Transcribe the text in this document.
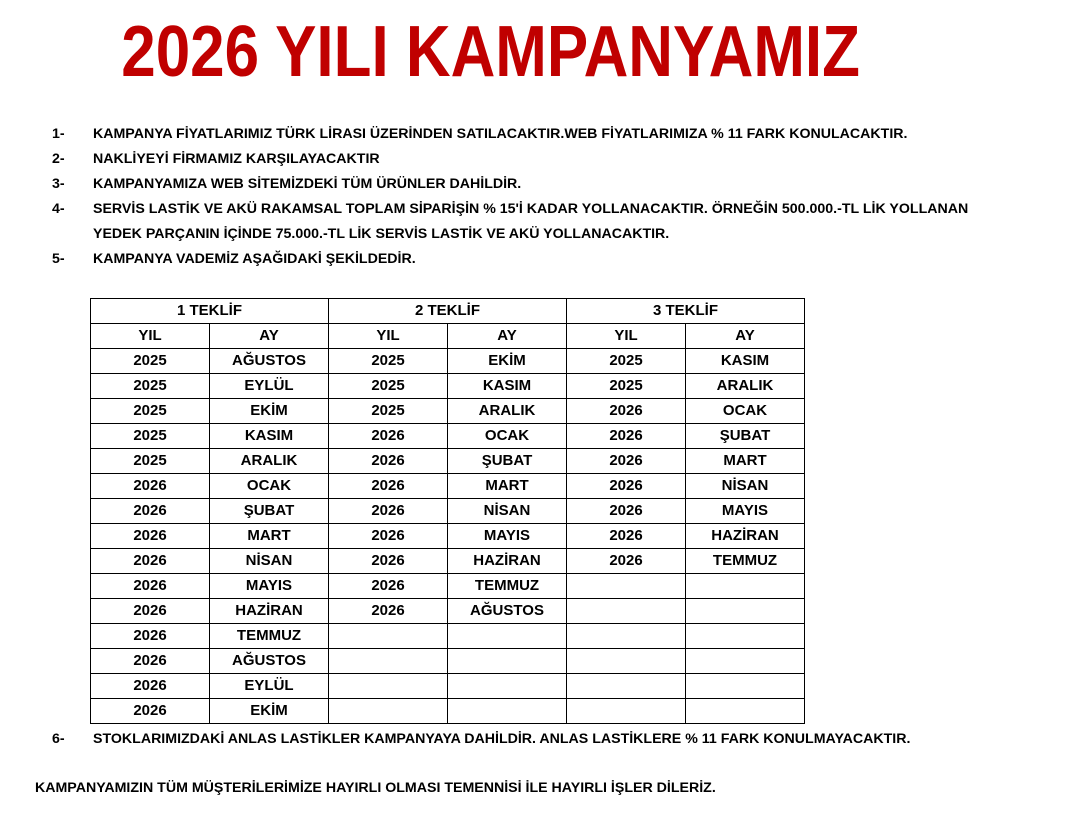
2026 YILI KAMPANYAMIZ
1-	KAMPANYA FİYATLARIMIZ TÜRK LİRASI ÜZERİNDEN SATILACAKTIR.WEB FİYATLARIMIZA % 11 FARK KONULACAKTIR.
2-	NAKLİYEYİ FİRMAMIZ KARŞILAYACAKTIR
3-	KAMPANYAMIZA WEB SİTEMİZDEKİ TÜM ÜRÜNLER DAHİLDİR.
4-	SERVİS LASTİK VE AKÜ RAKAMSAL TOPLAM SİPARİŞİN % 15'İ KADAR YOLLANACAKTIR. ÖRNEĞİN 500.000.-TL LİK YOLLANAN
YEDEK PARÇANIN İÇİNDE 75.000.-TL LİK SERVİS LASTİK VE AKÜ YOLLANACAKTIR.
5-	KAMPANYA VADEMİZ AŞAĞIDAKİ ŞEKİLDEDİR.
1 TEKLİF		2 TEKLİF		3 TEKLİF	
YIL	AY	YIL	AY	YIL	AY
2025	AĞUSTOS	2025	EKİM	2025	KASIM
2025	EYLÜL	2025	KASIM	2025	ARALIK
2025	EKİM	2025	ARALIK	2026	OCAK
2025	KASIM	2026	OCAK	2026	ŞUBAT
2025	ARALIK	2026	ŞUBAT	2026	MART
2026	OCAK	2026	MART	2026	NİSAN
2026	ŞUBAT	2026	NİSAN	2026	MAYIS
2026	MART	2026	MAYIS	2026	HAZİRAN
2026	NİSAN	2026	HAZİRAN	2026	TEMMUZ
2026	MAYIS	2026	TEMMUZ		
2026	HAZİRAN	2026	AĞUSTOS		
2026	TEMMUZ				
2026	AĞUSTOS				
2026	EYLÜL				
2026	EKİM				
6-	STOKLARIMIZDAKİ ANLAS LASTİKLER KAMPANYAYA DAHİLDİR. ANLAS LASTİKLERE % 11 FARK KONULMAYACAKTIR.
KAMPANYAMIZIN TÜM MÜŞTERİLERİMİZE HAYIRLI OLMASI TEMENNİSİ İLE HAYIRLI İŞLER DİLERİZ.
